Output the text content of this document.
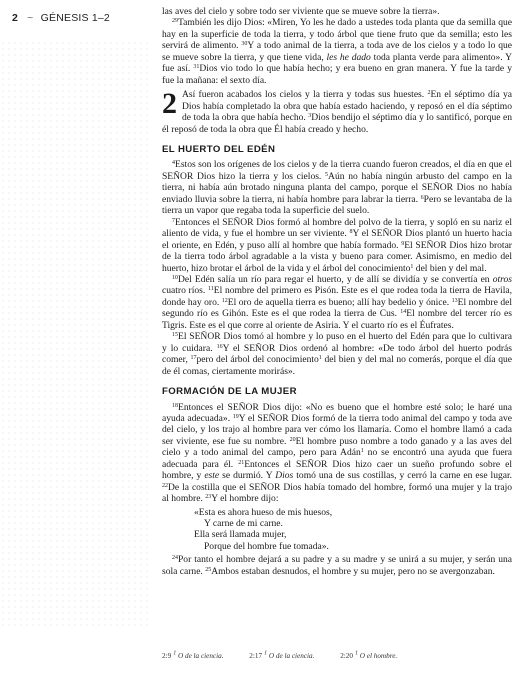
2 ~ GÉNESIS 1–2

las aves del cielo y sobre todo ser viviente que se mueve sobre la tierra».

$^{29}$También les dijo Dios: «Miren, Yo les he dado a ustedes toda planta que da semilla que hay en la superficie de toda la tierra, y todo árbol que tiene fruto que da semilla; esto les servirá de alimento. $^{30}$Y a todo animal de la tierra, a toda ave de los cielos y a todo lo que se mueve sobre la tierra, y que tiene vida, les he dado toda planta verde para alimento». Y fue así. $^{31}$Dios vio todo lo que había hecho; y era bueno en gran manera. Y fue la tarde y fue la mañana: el sexto día.

2 Así fueron acabados los cielos y la tierra y todas sus huestes. $^2$En el séptimo día ya Dios había completado la obra que había estado haciendo, y reposó en el día séptimo de toda la obra que había hecho. $^3$Dios bendijo el séptimo día y lo santificó, porque en él reposó de toda la obra que Él había creado y hecho.

EL HUERTO DEL EDÉN

$^4$Estos son los orígenes de los cielos y de la tierra cuando fueron creados, el día en que el SEÑOR Dios hizo la tierra y los cielos. $^5$Aún no había ningún arbusto del campo en la tierra, ni había aún brotado ninguna planta del campo, porque el SEÑOR Dios no había enviado lluvia sobre la tierra, ni había hombre para labrar la tierra. $^6$Pero se levantaba de la tierra un vapor que regaba toda la superficie del suelo.

$^7$Entonces el SEÑOR Dios formó al hombre del polvo de la tierra, y sopló en su nariz el aliento de vida, y fue el hombre un ser viviente. $^8$Y el SEÑOR Dios plantó un huerto hacia el oriente, en Edén, y puso allí al hombre que había formado. $^9$El SEÑOR Dios hizo brotar de la tierra todo árbol agradable a la vista y bueno para comer. Asimismo, en medio del huerto, hizo brotar el árbol de la vida y el árbol del conocimiento$^1$ del bien y del mal.

$^{10}$Del Edén salía un río para regar el huerto, y de allí se dividía y se convertía en otros cuatro ríos. $^{11}$El nombre del primero es Pisón. Este es el que rodea toda la tierra de Havila, donde hay oro. $^{12}$El oro de aquella tierra es bueno; allí hay bedelio y ónice. $^{13}$El nombre del segundo río es Gihón. Este es el que rodea la tierra de Cus. $^{14}$El nombre del tercer río es Tigris. Este es el que corre al oriente de Asiria. Y el cuarto río es el Éufrates.

$^{15}$El SEÑOR Dios tomó al hombre y lo puso en el huerto del Edén para que lo cultivara y lo cuidara. $^{16}$Y el SEÑOR Dios ordenó al hombre: «De todo árbol del huerto podrás comer, $^{17}$pero del árbol del conocimiento$^1$ del bien y del mal no comerás, porque el día que de él comas, ciertamente morirás».

FORMACIÓN DE LA MUJER

$^{18}$Entonces el SEÑOR Dios dijo: «No es bueno que el hombre esté solo; le haré una ayuda adecuada». $^{19}$Y el SEÑOR Dios formó de la tierra todo animal del campo y toda ave del cielo, y los trajo al hombre para ver cómo los llamaría. Como el hombre llamó a cada ser viviente, ese fue su nombre. $^{20}$El hombre puso nombre a todo ganado y a las aves del cielo y a todo animal del campo, pero para Adán$^1$ no se encontró una ayuda que fuera adecuada para él. $^{21}$Entonces el SEÑOR Dios hizo caer un sueño profundo sobre el hombre, y este se durmió. Y Dios tomó una de sus costillas, y cerró la carne en ese lugar. $^{22}$De la costilla que el SEÑOR Dios había tomado del hombre, formó una mujer y la trajo al hombre. $^{23}$Y el hombre dijo:

«Esta es ahora hueso de mis huesos,
Y carne de mi carne.
Ella será llamada mujer,
Porque del hombre fue tomada».

$^{24}$Por tanto el hombre dejará a su padre y a su madre y se unirá a su mujer, y serán una sola carne. $^{25}$Ambos estaban desnudos, el hombre y su mujer, pero no se avergonzaban.

2:9 $^1$ O de la ciencia.	2:17 $^1$ O de la ciencia.	2:20 $^1$ O el hombre.
